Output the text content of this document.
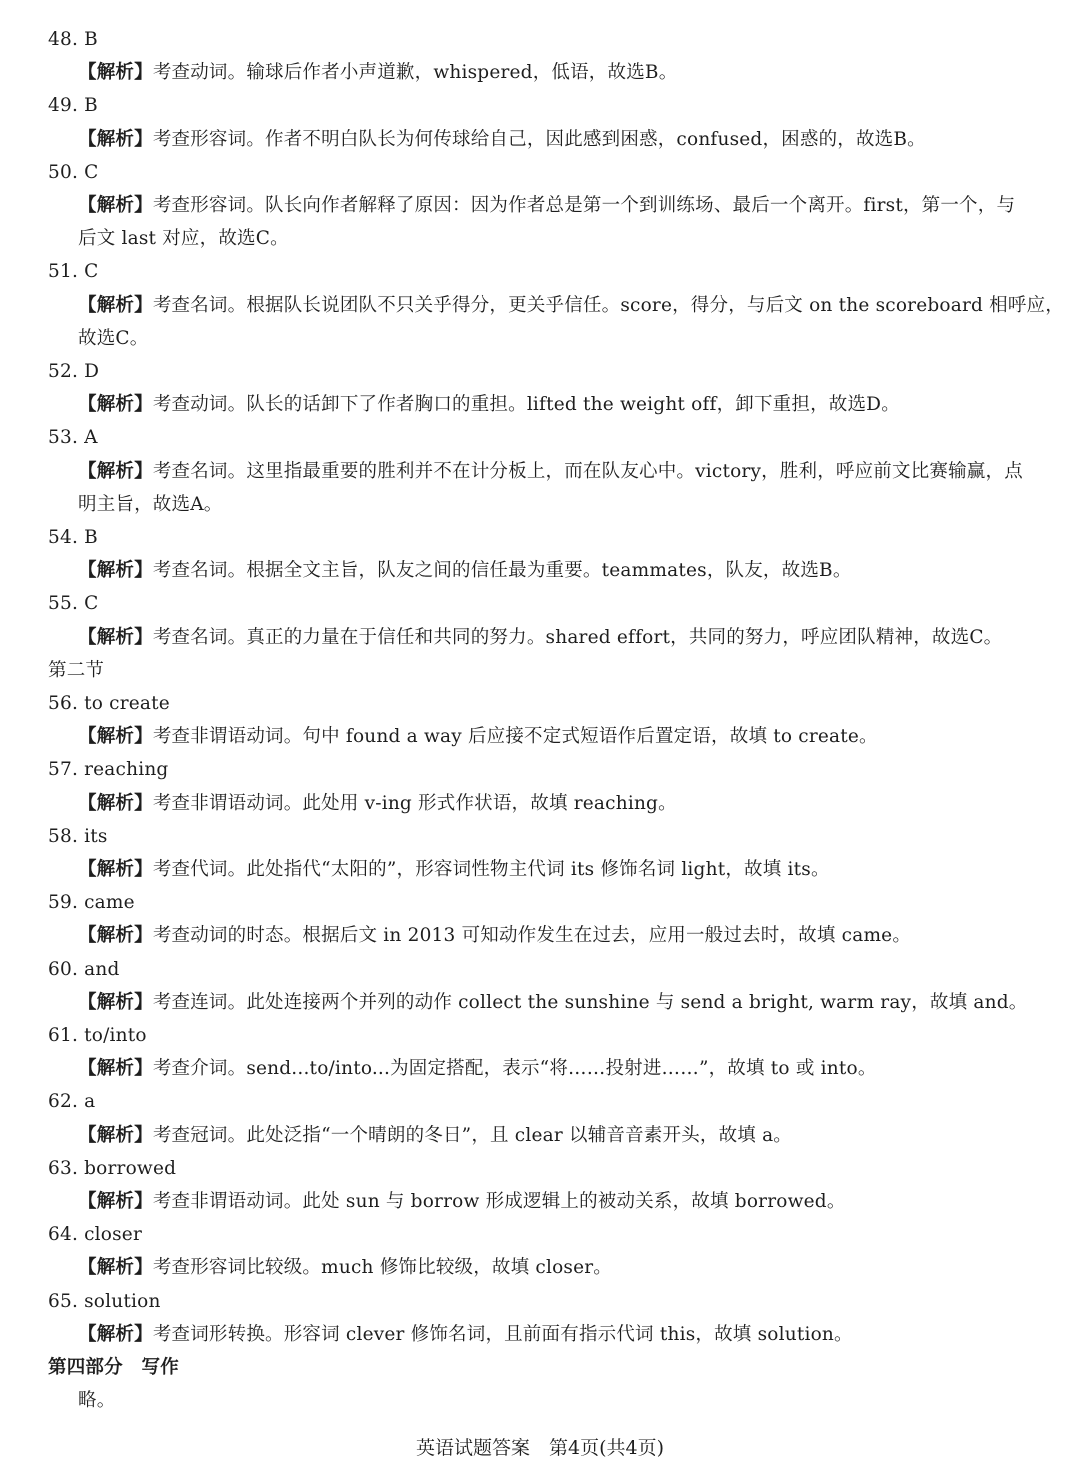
48. B
【解析】考查动词。输球后作者小声道歉，whispered，低语，故选B。
49. B
【解析】考查形容词。作者不明白队长为何传球给自己，因此感到困惑，confused，困惑的，故选B。
50. C
【解析】考查形容词。队长向作者解释了原因：因为作者总是第一个到训练场、最后一个离开。first，第一个，与
后文 last 对应，故选C。
51. C
【解析】考查名词。根据队长说团队不只关乎得分，更关乎信任。score，得分，与后文 on the scoreboard 相呼应，
故选C。
52. D
【解析】考查动词。队长的话卸下了作者胸口的重担。lifted the weight off，卸下重担，故选D。
53. A
【解析】考查名词。这里指最重要的胜利并不在计分板上，而在队友心中。victory，胜利，呼应前文比赛输赢，点
明主旨，故选A。
54. B
【解析】考查名词。根据全文主旨，队友之间的信任最为重要。teammates，队友，故选B。
55. C
【解析】考查名词。真正的力量在于信任和共同的努力。shared effort，共同的努力，呼应团队精神，故选C。
第二节
56. to create
【解析】考查非谓语动词。句中 found a way 后应接不定式短语作后置定语，故填 to create。
57. reaching
【解析】考查非谓语动词。此处用 v-ing 形式作状语，故填 reaching。
58. its
【解析】考查代词。此处指代“太阳的”，形容词性物主代词 its 修饰名词 light，故填 its。
59. came
【解析】考查动词的时态。根据后文 in 2013 可知动作发生在过去，应用一般过去时，故填 came。
60. and
【解析】考查连词。此处连接两个并列的动作 collect the sunshine 与 send a bright, warm ray，故填 and。
61. to/into
【解析】考查介词。send...to/into...为固定搭配，表示“将……投射进……”，故填 to 或 into。
62. a
【解析】考查冠词。此处泛指“一个晴朗的冬日”，且 clear 以辅音音素开头，故填 a。
63. borrowed
【解析】考查非谓语动词。此处 sun 与 borrow 形成逻辑上的被动关系，故填 borrowed。
64. closer
【解析】考查形容词比较级。much 修饰比较级，故填 closer。
65. solution
【解析】考查词形转换。形容词 clever 修饰名词，且前面有指示代词 this，故填 solution。
第四部分　写作
略。
英语试题答案　第4页(共4页)
